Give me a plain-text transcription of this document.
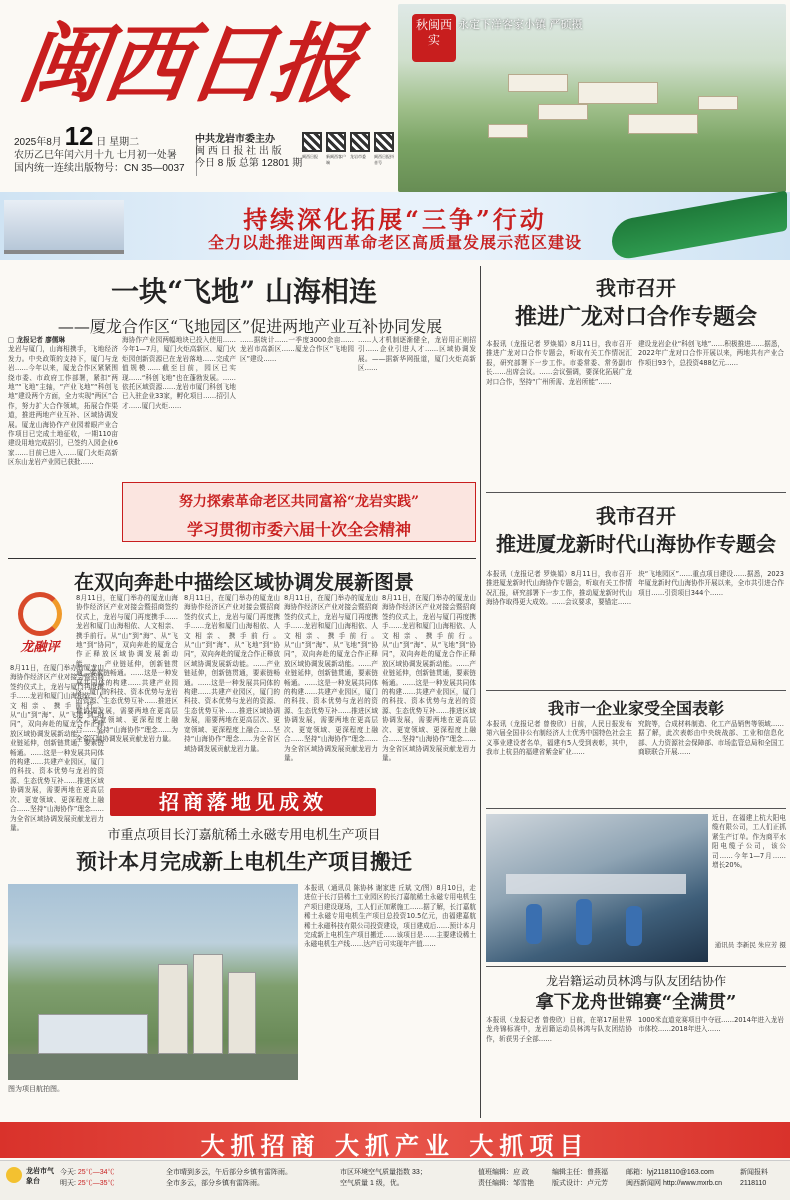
闽西日报	秋闽西实
永定下洋客家小镇 严硕摄
2025年8月 12 日 星期二
农历乙巳年闰六月十九 七月初一处暑
国内统一连续出版物号：CN 35—0037
中共龙岩市委主办
闽 西 日 报 社 出 版
今日 8 版 总第 12801 期
闽西日报	新闽西客户端
龙岩市委	闽西日报抖音号
持续深化拓展“三争”行动
全力以赴推进闽西革命老区高质量发展示范区建设
一块“飞地” 山海相连
——厦龙合作区“飞地园区”促进两地产业互补协同发展
□ 龙报记者 廖儒琳
龙岩与厦门，山海相携手，飞地经济发力。中央政策的支持下，厦门与龙岩……今年以来，厦龙合作区紧紧围绕市委、市政府工作部署，紧扣“两地”“飞地”主轴，“产业飞地”“科创飞地”建设两个方面，全力实现“两区”合作，努力扩大合作领域，拓展合作渠道，推进两地产业互补、区域协调发展。厦龙山海协作产业园着眼产业合作项目已完成土地征收，一期110亩建设用地完成招引，已签约入园企业6家……目前已进入……厦门火炬高新区东山龙岩产业园已获批……
海协作产业园两幅地块已投入使用……今年1—7月，厦门火炬高新区、厦门火炬园创新资源已在龙岩落地……完成产值规模……截至目前，园区已实现……“科创飞地”也在蓬勃发展。……依托区域资源……龙岩市厦门科创飞地已入驻企业33家，孵化项目……招引人才……厦门火炬……
……据统计……一季度3000余亩……龙岩市高新区……厦龙合作区“飞地园区”建设……
……人才机制逐渐健全，龙岩用正则招引……企业引进人才……区域协调发展。——据新华网报道，厦门火炬高新区……
努力探索革命老区共同富裕“龙岩实践”
学习贯彻市委六届十次全会精神
在双向奔赴中描绘区域协调发展新图景
龙融评
8月11日，在厦门举办的厦龙山海协作经济区产业对接会暨招商签约仪式上，龙岩与厦门再度携手……龙岩和厦门山海相依、人文相亲、携手前行。从“山”到“海”、从“飞地”到“协同”，双向奔赴的厦龙合作正释放区域协调发展新动能。……产业链延伸，创新链贯通，要素链畅通。……这是一种发展共同体的构建……共建产业园区，厦门的科技、资本优势与龙岩的资源、生态优势互补……推进区域协调发展，需要两地在更高层次、更宽领域、更深程度上融合……坚持“山海协作”理念……为全省区域协调发展贡献龙岩力量。
8月11日，在厦门举办的厦龙山海协作经济区产业对接会暨招商签约仪式上，龙岩与厦门再度携手……龙岩和厦门山海相依、人文相亲、携手前行。从“山”到“海”、从“飞地”到“协同”，双向奔赴的厦龙合作正释放区域协调发展新动能。……产业链延伸，创新链贯通，要素链畅通。……这是一种发展共同体的构建……共建产业园区，厦门的科技、资本优势与龙岩的资源、生态优势互补……推进区域协调发展，需要两地在更高层次、更宽领域、更深程度上融合……坚持“山海协作”理念……为全省区域协调发展贡献龙岩力量。
8月11日，在厦门举办的厦龙山海协作经济区产业对接会暨招商签约仪式上，龙岩与厦门再度携手……龙岩和厦门山海相依、人文相亲、携手前行。从“山”到“海”、从“飞地”到“协同”，双向奔赴的厦龙合作正释放区域协调发展新动能。……产业链延伸，创新链贯通，要素链畅通。……这是一种发展共同体的构建……共建产业园区，厦门的科技、资本优势与龙岩的资源、生态优势互补……推进区域协调发展，需要两地在更高层次、更宽领域、更深程度上融合……坚持“山海协作”理念……为全省区域协调发展贡献龙岩力量。
8月11日，在厦门举办的厦龙山海协作经济区产业对接会暨招商签约仪式上，龙岩与厦门再度携手……龙岩和厦门山海相依、人文相亲、携手前行。从“山”到“海”、从“飞地”到“协同”，双向奔赴的厦龙合作正释放区域协调发展新动能。……产业链延伸，创新链贯通，要素链畅通。……这是一种发展共同体的构建……共建产业园区，厦门的科技、资本优势与龙岩的资源、生态优势互补……推进区域协调发展，需要两地在更高层次、更宽领域、更深程度上融合……坚持“山海协作”理念……为全省区域协调发展贡献龙岩力量。
8月11日，在厦门举办的厦龙山海协作经济区产业对接会暨招商签约仪式上，龙岩与厦门再度携手……龙岩和厦门山海相依、人文相亲、携手前行。从“山”到“海”、从“飞地”到“协同”，双向奔赴的厦龙合作正释放区域协调发展新动能。……产业链延伸，创新链贯通，要素链畅通。……这是一种发展共同体的构建……共建产业园区，厦门的科技、资本优势与龙岩的资源、生态优势互补……推进区域协调发展，需要两地在更高层次、更宽领域、更深程度上融合……坚持“山海协作”理念……为全省区域协调发展贡献龙岩力量。
招商落地见成效
市重点项目长汀嘉航稀土永磁专用电机生产项目
预计本月完成新上电机生产项目搬迁
图为项目航拍图。
本报讯（通讯员 陈协林 谢家进 丘斌 文/图）8月10日，走进位于长汀县稀土工业园区的长汀嘉航稀土永磁专用电机生产项目建设现场，工人们正加紧施工……据了解，长汀嘉航稀土永磁专用电机生产项目总投资10.5亿元，由福建嘉航稀土永磁科技有限公司投资建设，项目建成后……预计本月完成新上电机生产项目搬迁……该项目是……主要建设稀土永磁电机生产线……达产后可实现年产值……
我市召开
推进广龙对口合作专题会
本报讯（龙报记者 罗焕娟）8月11日，我市召开推进广龙对口合作专题会，听取有关工作情况汇报，研究部署下一步工作。市委常委、常务副市长……出席会议。……会议强调，要深化拓展广龙对口合作，坚持“广州所需、龙岩所能”……
建设龙岩企业“科创飞地”……积极推进……据悉，2022年广龙对口合作开展以来，两地共有产业合作项目93个，总投资488亿元……
我市召开
推进厦龙新时代山海协作专题会
本报讯（龙报记者 罗焕娟）8月11日，我市召开推进厦龙新时代山海协作专题会，听取有关工作情况汇报，研究部署下一步工作，推动厦龙新时代山海协作取得更大成效。……会议要求，要锚定……
块“飞地园区”……重点项目建设……据悉，2023年厦龙新时代山海协作开展以来，全市共引进合作项目……引资项目344个……
我市一企业家受全国表彰
本报讯（龙报记者 曾俊欣）日前，人民日报发布第六届全国非公有制经济人士优秀中国特色社会主义事业建设者名单，福建有5人受到表彰，其中，我市上杭县的福建省紫金矿业……
究院等，合成材料制造、化工产品销售等领域……据了解，此次表彰由中央统战部、工业和信息化部、人力资源社会保障部、市场监管总局和全国工商联联合开展……
近日，在福建上杭大阳电缆有限公司，工人们正抓紧生产订单。作为商平水阳电缆子公司，该公司……今年1—7月……增长20%。
通讯员 李新民 朱应芳 摄
龙岩籍运动员林鸿与队友团结协作
拿下龙舟世锦赛“全满贯”
本报讯（龙报记者 曾俊欣）日前，在第17届世界龙舟锦标赛中，龙岩籍运动员林鸿与队友团结协作，斩获男子全部……
1000米直道竞赛项目中夺冠……2014年进入龙岩市体校……2018年进入……
大抓招商 大抓产业 大抓项目
龙岩市气象台
今天: 25℃—34℃
明天: 25℃—35℃
全市晴到多云，午后部分乡镇有雷阵雨。
全市多云，部分乡镇有雷阵雨。
市区环境空气质量指数 33；
空气质量 1 级，优。
值班编辑：应 政
责任编辑：邹雪艳
编辑主任：曾燕福
版式设计：卢元芳
邮箱：lyj2118110@163.com
闽西新闻网 http://www.mxrb.cn
新闻报料
2118110
